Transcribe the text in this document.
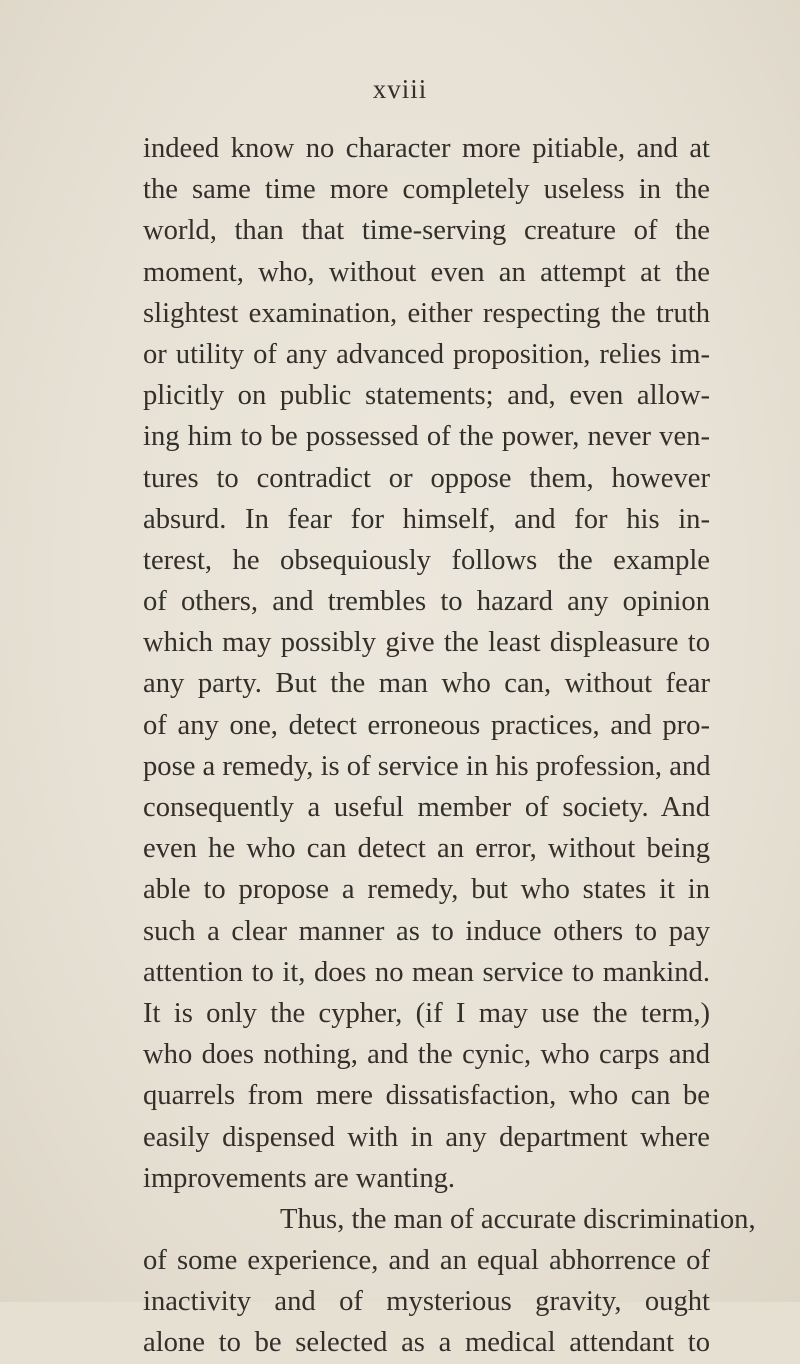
xviii
indeed know no character more pitiable, and at
the same time more completely useless in the
world, than that time-serving creature of the
moment, who, without even an attempt at the
slightest examination, either respecting the truth
or utility of any advanced proposition, relies im-
plicitly on public statements; and, even allow-
ing him to be possessed of the power, never ven-
tures to contradict or oppose them, however
absurd. In fear for himself, and for his in-
terest, he obsequiously follows the example
of others, and trembles to hazard any opinion
which may possibly give the least displeasure to
any party. But the man who can, without fear
of any one, detect erroneous practices, and pro-
pose a remedy, is of service in his profession, and
consequently a useful member of society. And
even he who can detect an error, without being
able to propose a remedy, but who states it in
such a clear manner as to induce others to pay
attention to it, does no mean service to mankind.
It is only the cypher, (if I may use the term,)
who does nothing, and the cynic, who carps and
quarrels from mere dissatisfaction, who can be
easily dispensed with in any department where
improvements are wanting.
Thus, the man of accurate discrimination,
of some experience, and an equal abhorrence of
inactivity and of mysterious gravity, ought
alone to be selected as a medical attendant to
